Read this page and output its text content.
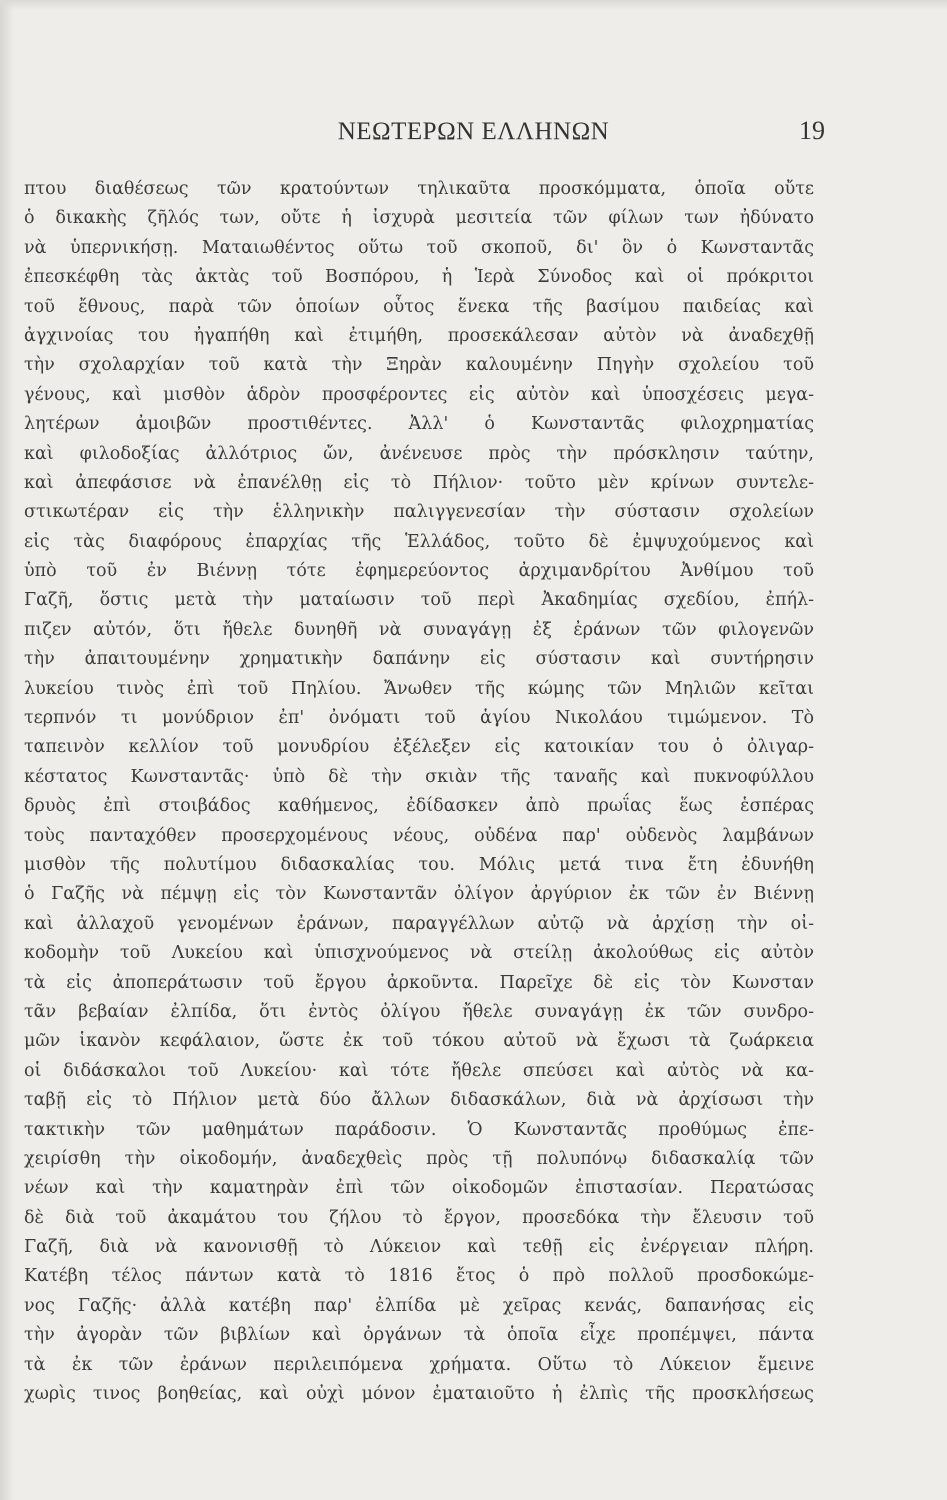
ΝΕΩΤΕΡΩΝ ΕΛΛΗΝΩΝ	19
πτου διαθέσεως τῶν κρατούντων τηλικαῦτα προσκόμματα, ὁποῖα οὔτε
ὁ δικακὴς ζῆλός των, οὔτε ἡ ἰσχυρὰ μεσιτεία τῶν φίλων των ἠδύνατο
νὰ ὑπερνικήσῃ. Ματαιωθέντος οὕτω τοῦ σκοποῦ, δι' ὃν ὁ Κωνσταντᾶς
ἐπεσκέφθη τὰς ἀκτὰς τοῦ Βοσπόρου, ἡ Ἱερὰ Σύνοδος καὶ οἱ πρόκριτοι
τοῦ ἔθνους, παρὰ τῶν ὁποίων οὗτος ἕνεκα τῆς βασίμου παιδείας καὶ
ἀγχινοίας του ἠγαπήθη καὶ ἐτιμήθη, προσεκάλεσαν αὐτὸν νὰ ἀναδεχθῇ
τὴν σχολαρχίαν τοῦ κατὰ τὴν Ξηρὰν καλουμένην Πηγὴν σχολείου τοῦ
γένους, καὶ μισθὸν ἁδρὸν προσφέροντες εἰς αὐτὸν καὶ ὑποσχέσεις μεγα-
λητέρων ἀμοιβῶν προστιθέντες. Ἀλλ' ὁ Κωνσταντᾶς φιλοχρηματίας
καὶ φιλοδοξίας ἀλλότριος ὤν, ἀνένευσε πρὸς τὴν πρόσκλησιν ταύτην,
καὶ ἀπεφάσισε νὰ ἐπανέλθῃ εἰς τὸ Πήλιον· τοῦτο μὲν κρίνων συντελε-
στικωτέραν εἰς τὴν ἑλληνικὴν παλιγγενεσίαν τὴν σύστασιν σχολείων
εἰς τὰς διαφόρους ἐπαρχίας τῆς Ἑλλάδος, τοῦτο δὲ ἐμψυχούμενος καὶ
ὑπὸ τοῦ ἐν Βιέννῃ τότε ἐφημερεύοντος ἀρχιμανδρίτου Ἀνθίμου τοῦ
Γαζῆ, ὅστις μετὰ τὴν ματαίωσιν τοῦ περὶ Ἀκαδημίας σχεδίου, ἐπήλ-
πιζεν αὐτόν, ὅτι ἤθελε δυνηθῆ νὰ συναγάγῃ ἐξ ἐράνων τῶν φιλογενῶν
τὴν ἀπαιτουμένην χρηματικὴν δαπάνην εἰς σύστασιν καὶ συντήρησιν
λυκείου τινὸς ἐπὶ τοῦ Πηλίου. Ἄνωθεν τῆς κώμης τῶν Μηλιῶν κεῖται
τερπνόν τι μονύδριον ἐπ' ὀνόματι τοῦ ἁγίου Νικολάου τιμώμενον. Τὸ
ταπεινὸν κελλίον τοῦ μονυδρίου ἐξέλεξεν εἰς κατοικίαν του ὁ ὀλιγαρ-
κέστατος Κωνσταντᾶς· ὑπὸ δὲ τὴν σκιὰν τῆς ταναῆς καὶ πυκνοφύλλου
δρυὸς ἐπὶ στοιβάδος καθήμενος, ἐδίδασκεν ἀπὸ πρωΐας ἕως ἑσπέρας
τοὺς πανταχόθεν προσερχομένους νέους, οὐδένα παρ' οὐδενὸς λαμβάνων
μισθὸν τῆς πολυτίμου διδασκαλίας του. Μόλις μετά τινα ἔτη ἐδυνήθη
ὁ Γαζῆς νὰ πέμψῃ εἰς τὸν Κωνσταντᾶν ὀλίγον ἀργύριον ἐκ τῶν ἐν Βιέννῃ
καὶ ἀλλαχοῦ γενομένων ἐράνων, παραγγέλλων αὐτῷ νὰ ἀρχίσῃ τὴν οἰ-
κοδομὴν τοῦ Λυκείου καὶ ὑπισχνούμενος νὰ στείλῃ ἀκολούθως εἰς αὐτὸν
τὰ εἰς ἀποπεράτωσιν τοῦ ἔργου ἀρκοῦντα. Παρεῖχε δὲ εἰς τὸν Κωνσταν
τᾶν βεβαίαν ἐλπίδα, ὅτι ἐντὸς ὀλίγου ἤθελε συναγάγῃ ἐκ τῶν συνδρο-
μῶν ἱκανὸν κεφάλαιον, ὥστε ἐκ τοῦ τόκου αὐτοῦ νὰ ἔχωσι τὰ ζωάρκεια
οἱ διδάσκαλοι τοῦ Λυκείου· καὶ τότε ἤθελε σπεύσει καὶ αὐτὸς νὰ κα-
ταβῇ εἰς τὸ Πήλιον μετὰ δύο ἄλλων διδασκάλων, διὰ νὰ ἀρχίσωσι τὴν
τακτικὴν τῶν μαθημάτων παράδοσιν. Ὁ Κωνσταντᾶς προθύμως ἐπε-
χειρίσθη τὴν οἰκοδομήν, ἀναδεχθεὶς πρὸς τῇ πολυπόνῳ διδασκαλίᾳ τῶν
νέων καὶ τὴν καματηρὰν ἐπὶ τῶν οἰκοδομῶν ἐπιστασίαν. Περατώσας
δὲ διὰ τοῦ ἀκαμάτου του ζήλου τὸ ἔργον, προσεδόκα τὴν ἔλευσιν τοῦ
Γαζῆ, διὰ νὰ κανονισθῇ τὸ Λύκειον καὶ τεθῇ εἰς ἐνέργειαν πλήρη.
Κατέβη τέλος πάντων κατὰ τὸ 1816 ἔτος ὁ πρὸ πολλοῦ προσδοκώμε-
νος Γαζῆς· ἀλλὰ κατέβη παρ' ἐλπίδα μὲ χεῖρας κενάς, δαπανήσας εἰς
τὴν ἀγορὰν τῶν βιβλίων καὶ ὀργάνων τὰ ὁποῖα εἶχε προπέμψει, πάντα
τὰ ἐκ τῶν ἐράνων περιλειπόμενα χρήματα. Οὕτω τὸ Λύκειον ἔμεινε
χωρὶς τινος βοηθείας, καὶ οὐχὶ μόνον ἐματαιοῦτο ἡ ἐλπὶς τῆς προσκλήσεως
